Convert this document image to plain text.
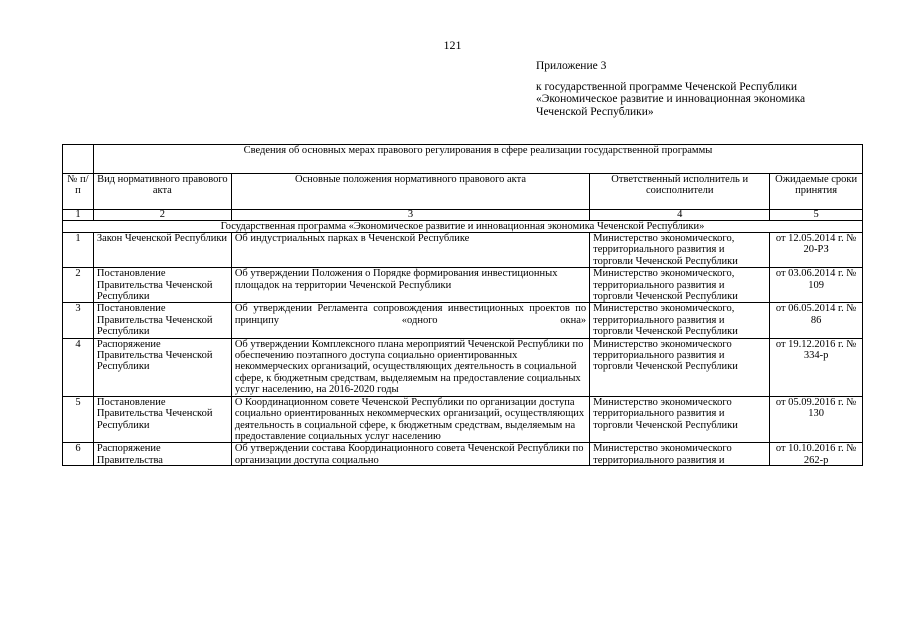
121
Приложение 3
к государственной программе Чеченской Республики
«Экономическое развитие и инновационная экономика
Чеченской Республики»
	Сведения об основных мерах правового регулирования в сфере реализации государственной программы			
№ п/п	Вид нормативного правового акта	Основные положения нормативного правового акта	Ответственный исполнитель и соисполнители	Ожидаемые сроки принятия
1	2	3	4	5
Государственная программа «Экономическое развитие и инновационная экономика Чеченской Республики»				
1	Закон Чеченской Республики	Об индустриальных парках в Чеченской Республике	Министерство экономического, территориального развития и торговли Чеченской Республики	от 12.05.2014 г. № 20-РЗ
2	Постановление Правительства Чеченской Республики	Об утверждении Положения о Порядке формирования инвестиционных площадок на территории Чеченской Республики	Министерство экономического, территориального развития и торговли Чеченской Республики	от 03.06.2014 г. № 109
3	Постановление Правительства Чеченской Республики	Об утверждении Регламента сопровождения инвестиционных проектов по принципу «одного окна»	Министерство экономического, территориального развития и торговли Чеченской Республики	от 06.05.2014 г. № 86
4	Распоряжение Правительства Чеченской Республики	Об утверждении Комплексного плана мероприятий Чеченской Республики по обеспечению поэтапного доступа социально ориентированных некоммерческих организаций, осуществляющих деятельность в социальной сфере, к бюджетным средствам, выделяемым на предоставление социальных услуг населению, на 2016-2020 годы	Министерство экономического территориального развития и торговли Чеченской Республики	от 19.12.2016 г. № 334-р
5	Постановление Правительства Чеченской Республики	О Координационном совете Чеченской Республики по организации доступа социально ориентированных некоммерческих организаций, осуществляющих деятельность в социальной сфере, к бюджетным средствам, выделяемым на предоставление социальных услуг населению	Министерство экономического территориального развития и торговли Чеченской Республики	от 05.09.2016 г. № 130

6	Распоряжение Правительства	Об утверждении состава Координационного совета Чеченской Республики по организации доступа социально	Министерство экономического территориального развития и	от 10.10.2016 г. № 262-р
